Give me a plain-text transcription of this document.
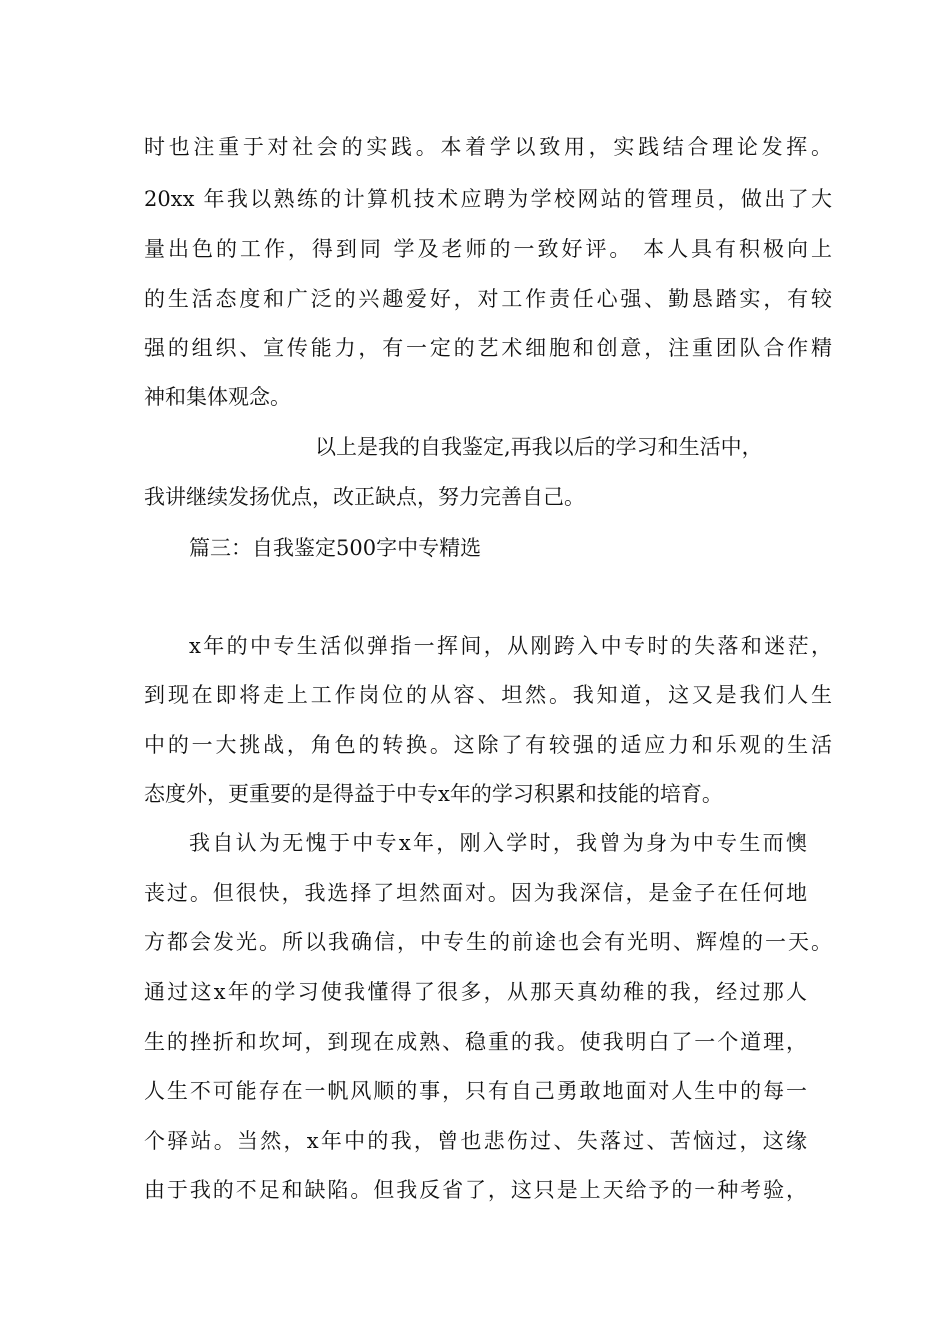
时也注重于对社会的实践。本着学以致用，实践结合理论发挥。

20xx 年我以熟练的计算机技术应聘为学校网站的管理员，做出了大

量出色的工作，得到同 学及老师的一致好评。 本人具有积极向上

的生活态度和广泛的兴趣爱好，对工作责任心强、勤恳踏实，有较

强的组织、宣传能力，有一定的艺术细胞和创意，注重团队合作精

神和集体观念。

以上是我的自我鉴定,再我以后的学习和生活中，

我讲继续发扬优点，改正缺点，努力完善自己。

篇三：自我鉴定500字中专精选

x年的中专生活似弹指一挥间，从刚跨入中专时的失落和迷茫，

到现在即将走上工作岗位的从容、坦然。我知道，这又是我们人生

中的一大挑战，角色的转换。这除了有较强的适应力和乐观的生活

态度外，更重要的是得益于中专x年的学习积累和技能的培育。

我自认为无愧于中专x年，刚入学时，我曾为身为中专生而懊

丧过。但很快，我选择了坦然面对。因为我深信，是金子在任何地

方都会发光。所以我确信，中专生的前途也会有光明、辉煌的一天。

通过这x年的学习使我懂得了很多，从那天真幼稚的我，经过那人

生的挫折和坎坷，到现在成熟、稳重的我。使我明白了一个道理，

人生不可能存在一帆风顺的事，只有自己勇敢地面对人生中的每一

个驿站。当然，x年中的我，曾也悲伤过、失落过、苦恼过，这缘

由于我的不足和缺陷。但我反省了，这只是上天给予的一种考验，
